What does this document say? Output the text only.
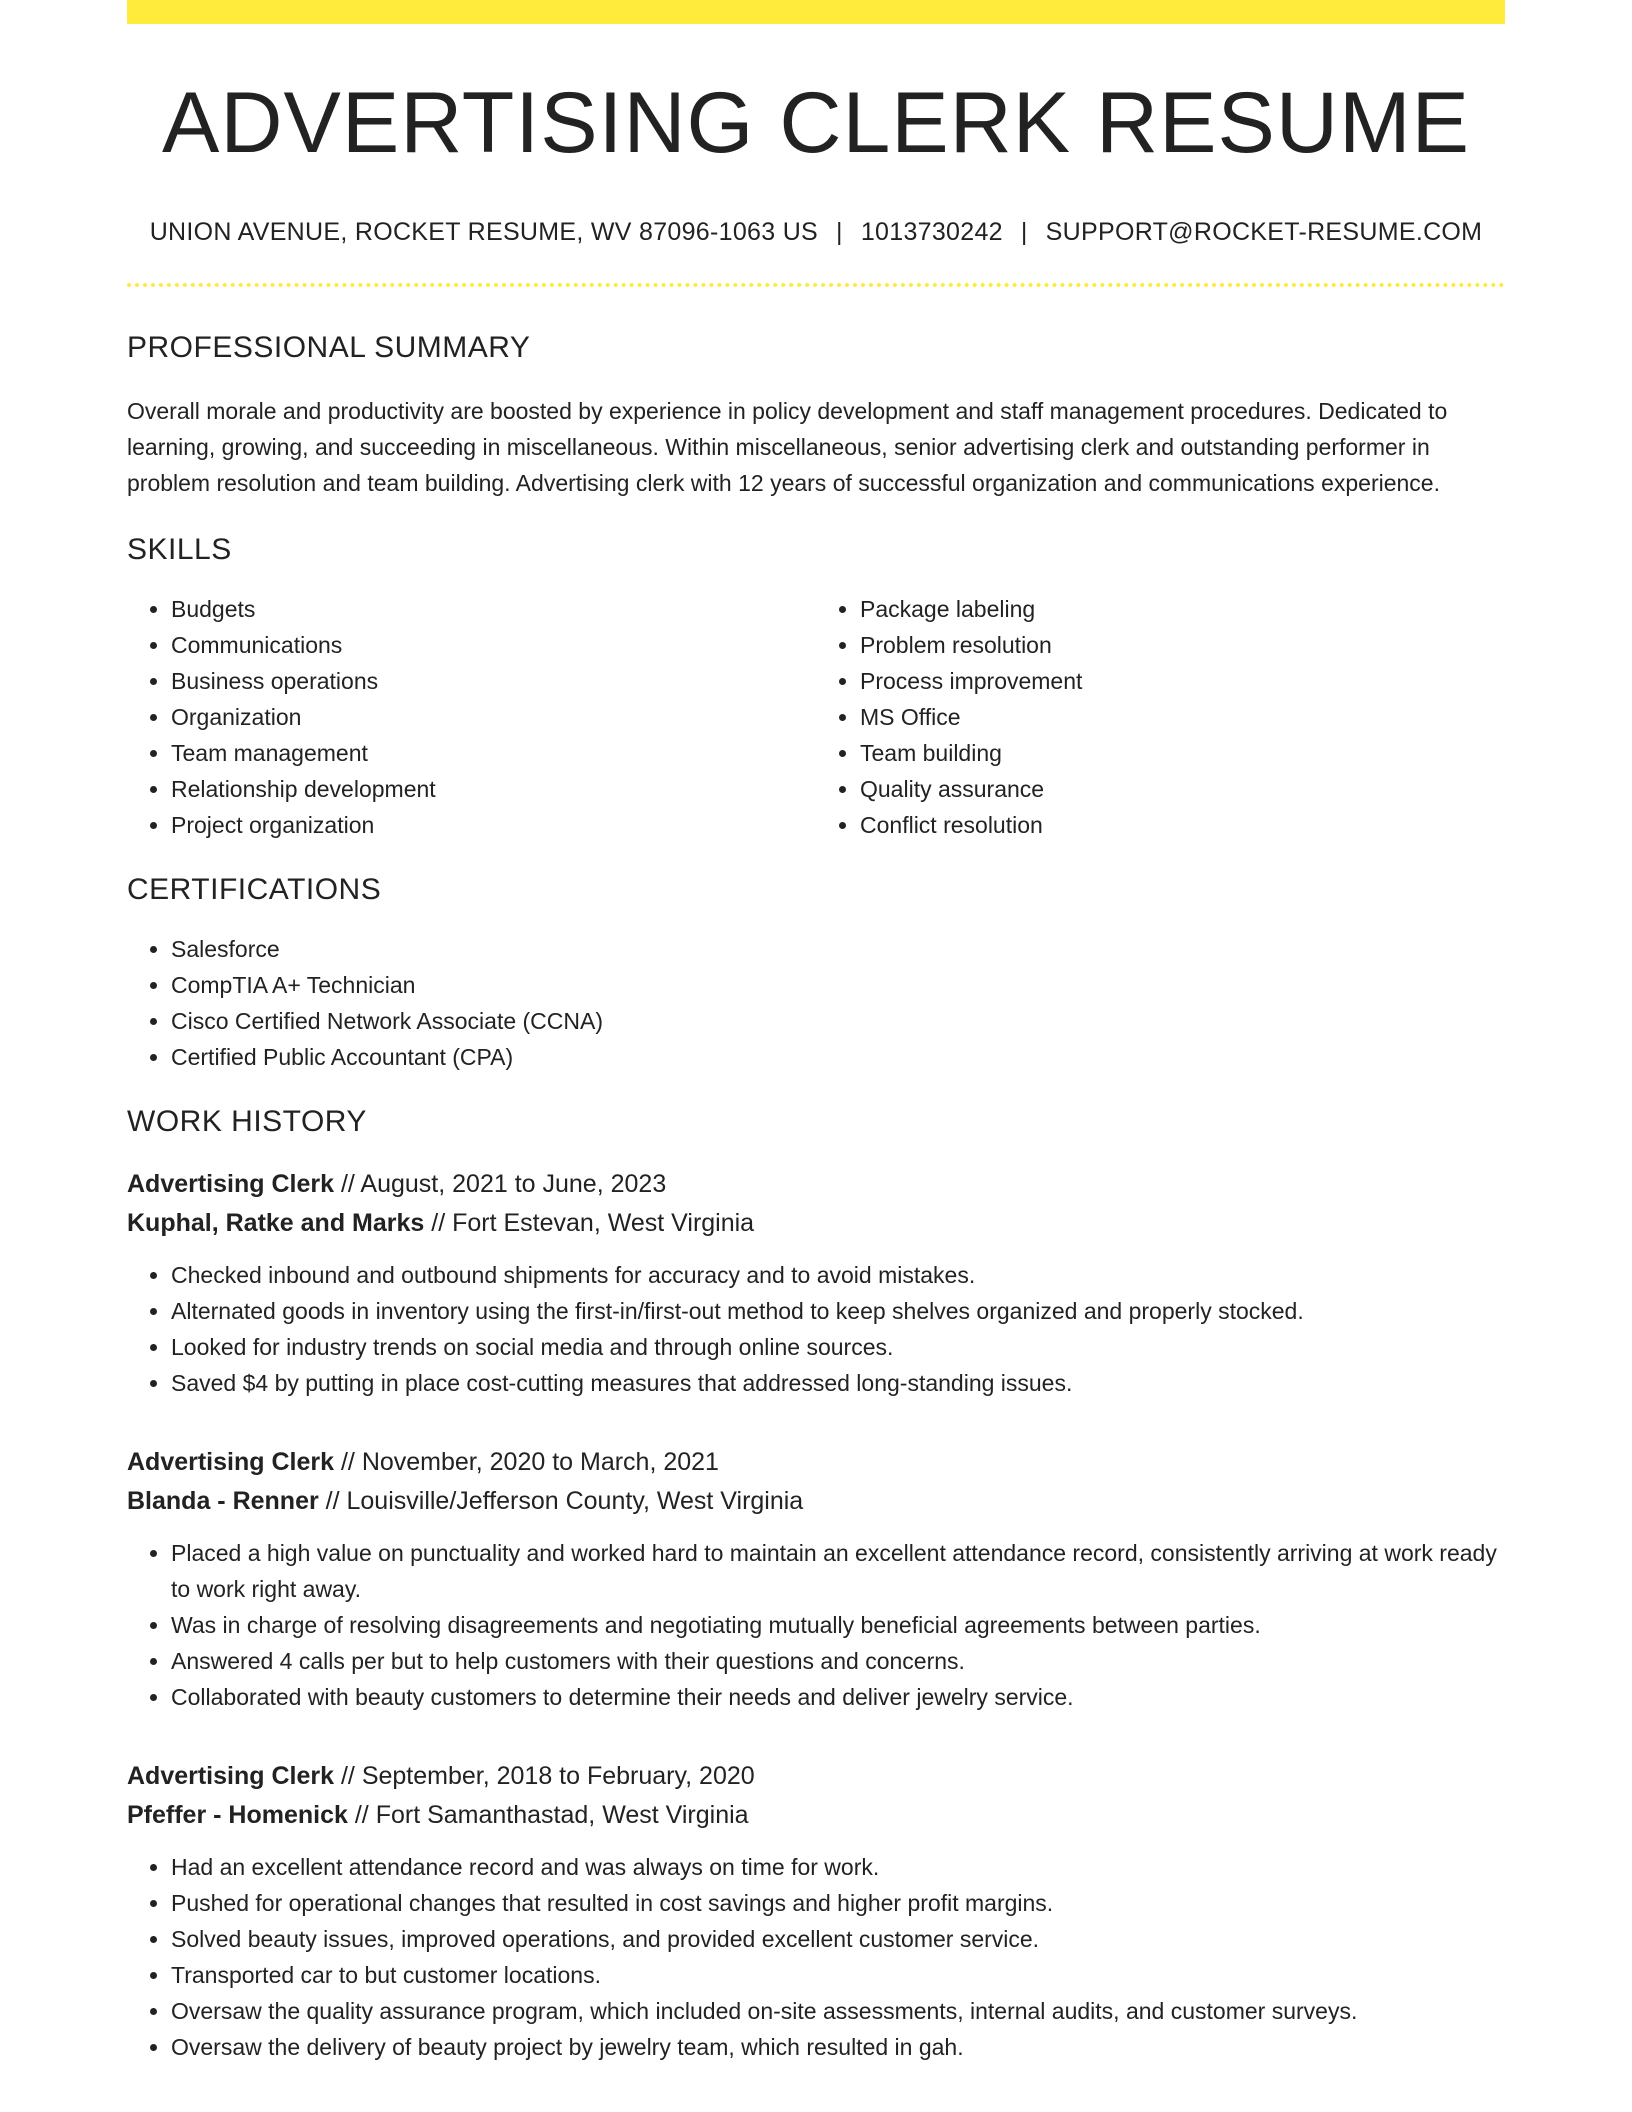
ADVERTISING CLERK RESUME
UNION AVENUE, ROCKET RESUME, WV 87096-1063 US | 1013730242 | SUPPORT@ROCKET-RESUME.COM
PROFESSIONAL SUMMARY
Overall morale and productivity are boosted by experience in policy development and staff management procedures. Dedicated to learning, growing, and succeeding in miscellaneous. Within miscellaneous, senior advertising clerk and outstanding performer in problem resolution and team building. Advertising clerk with 12 years of successful organization and communications experience.
SKILLS
• Budgets
• Communications
• Business operations
• Organization
• Team management
• Relationship development
• Project organization
• Package labeling
• Problem resolution
• Process improvement
• MS Office
• Team building
• Quality assurance
• Conflict resolution
CERTIFICATIONS
• Salesforce
• CompTIA A+ Technician
• Cisco Certified Network Associate (CCNA)
• Certified Public Accountant (CPA)
WORK HISTORY
Advertising Clerk // August, 2021 to June, 2023
Kuphal, Ratke and Marks // Fort Estevan, West Virginia
• Checked inbound and outbound shipments for accuracy and to avoid mistakes.
• Alternated goods in inventory using the first-in/first-out method to keep shelves organized and properly stocked.
• Looked for industry trends on social media and through online sources.
• Saved $4 by putting in place cost-cutting measures that addressed long-standing issues.
Advertising Clerk // November, 2020 to March, 2021
Blanda - Renner // Louisville/Jefferson County, West Virginia
• Placed a high value on punctuality and worked hard to maintain an excellent attendance record, consistently arriving at work ready to work right away.
• Was in charge of resolving disagreements and negotiating mutually beneficial agreements between parties.
• Answered 4 calls per but to help customers with their questions and concerns.
• Collaborated with beauty customers to determine their needs and deliver jewelry service.
Advertising Clerk // September, 2018 to February, 2020
Pfeffer - Homenick // Fort Samanthastad, West Virginia
• Had an excellent attendance record and was always on time for work.
• Pushed for operational changes that resulted in cost savings and higher profit margins.
• Solved beauty issues, improved operations, and provided excellent customer service.
• Transported car to but customer locations.
• Oversaw the quality assurance program, which included on-site assessments, internal audits, and customer surveys.
• Oversaw the delivery of beauty project by jewelry team, which resulted in gah.
